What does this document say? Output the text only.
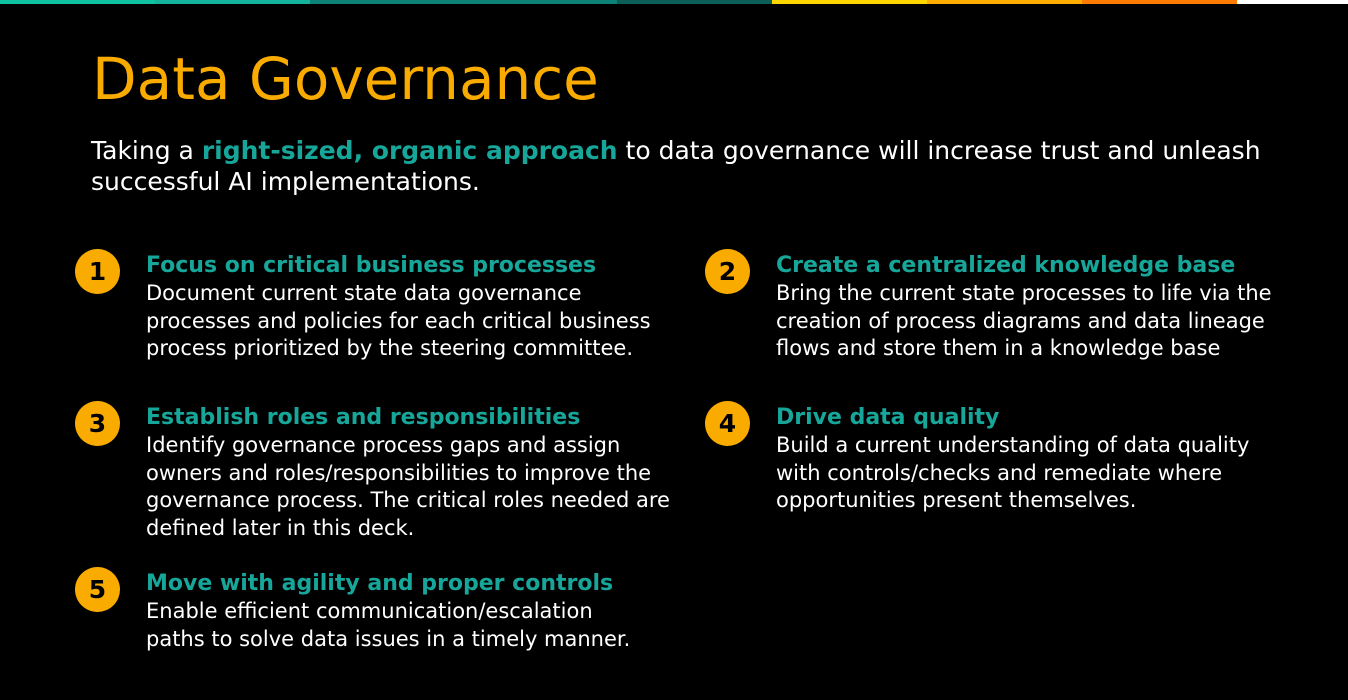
Data Governance
Taking a right-sized, organic approach to data governance will increase trust and unleash successful AI implementations.
1	Focus on critical business processes
Document current state data governance processes and policies for each critical business process prioritized by the steering committee.
2	Create a centralized knowledge base
Bring the current state processes to life via the creation of process diagrams and data lineage flows and store them in a knowledge base
3	Establish roles and responsibilities
Identify governance process gaps and assign owners and roles/responsibilities to improve the governance process. The critical roles needed are defined later in this deck.
4	Drive data quality
Build a current understanding of data quality with controls/checks and remediate where opportunities present themselves.
5	Move with agility and proper controls
Enable efficient communication/escalation paths to solve data issues in a timely manner.
